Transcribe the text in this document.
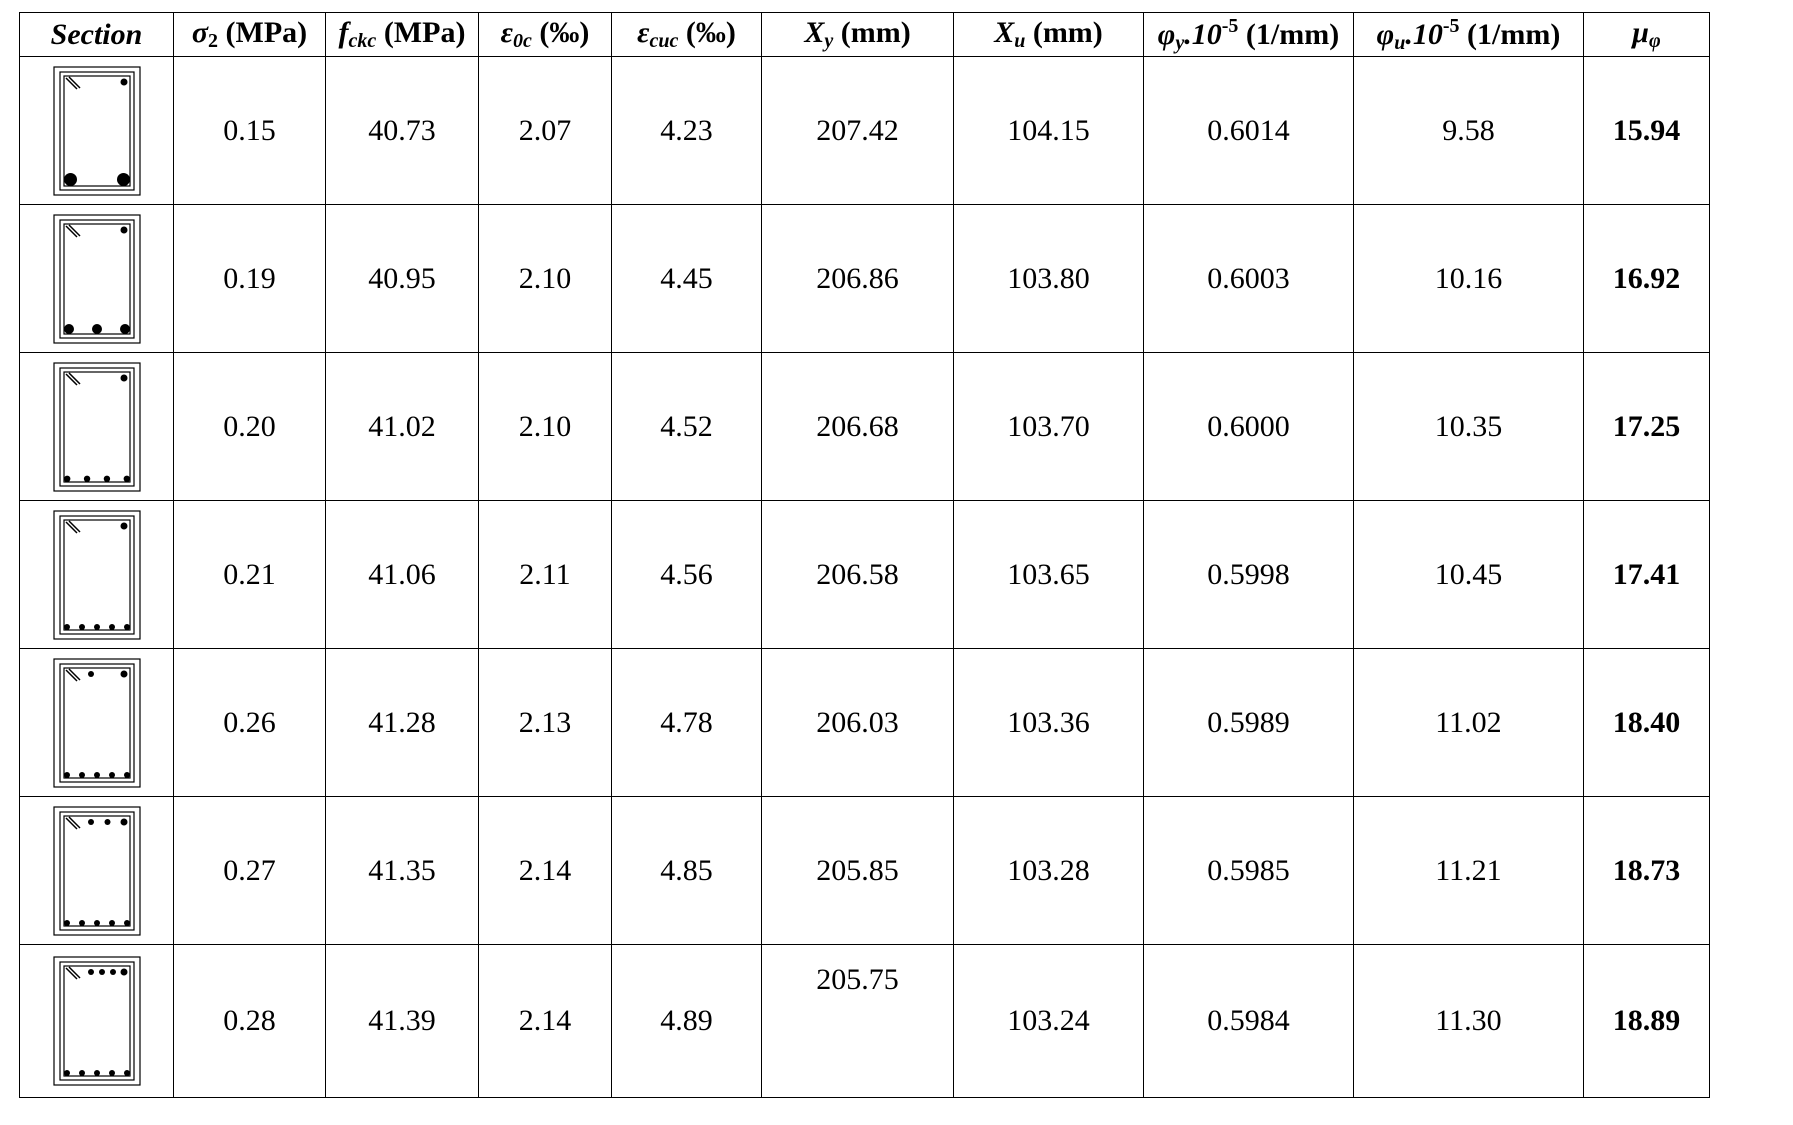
Section	$\sigma_2$ (MPa)	$f_{ckc}$ (MPa)	$\varepsilon_{0c}$ (‰)	$\varepsilon_{cuc}$ (‰)	$X_y$ (mm)	$X_u$ (mm)	$\varphi_y.10^{-5}$ (1/mm)	$\varphi_u.10^{-5}$ (1/mm)	$\mu_\varphi$

	0.15	40.73	2.07	4.23	207.42	104.15	0.6014	9.58	15.94

	0.19	40.95	2.10	4.45	206.86	103.80	0.6003	10.16	16.92

	0.20	41.02	2.10	4.52	206.68	103.70	0.6000	10.35	17.25

	0.21	41.06	2.11	4.56	206.58	103.65	0.5998	10.45	17.41

	0.26	41.28	2.13	4.78	206.03	103.36	0.5989	11.02	18.40

	0.27	41.35	2.14	4.85	205.85	103.28	0.5985	11.21	18.73

	0.28	41.39	2.14	4.89	205.75	103.24	0.5984	11.30	18.89
